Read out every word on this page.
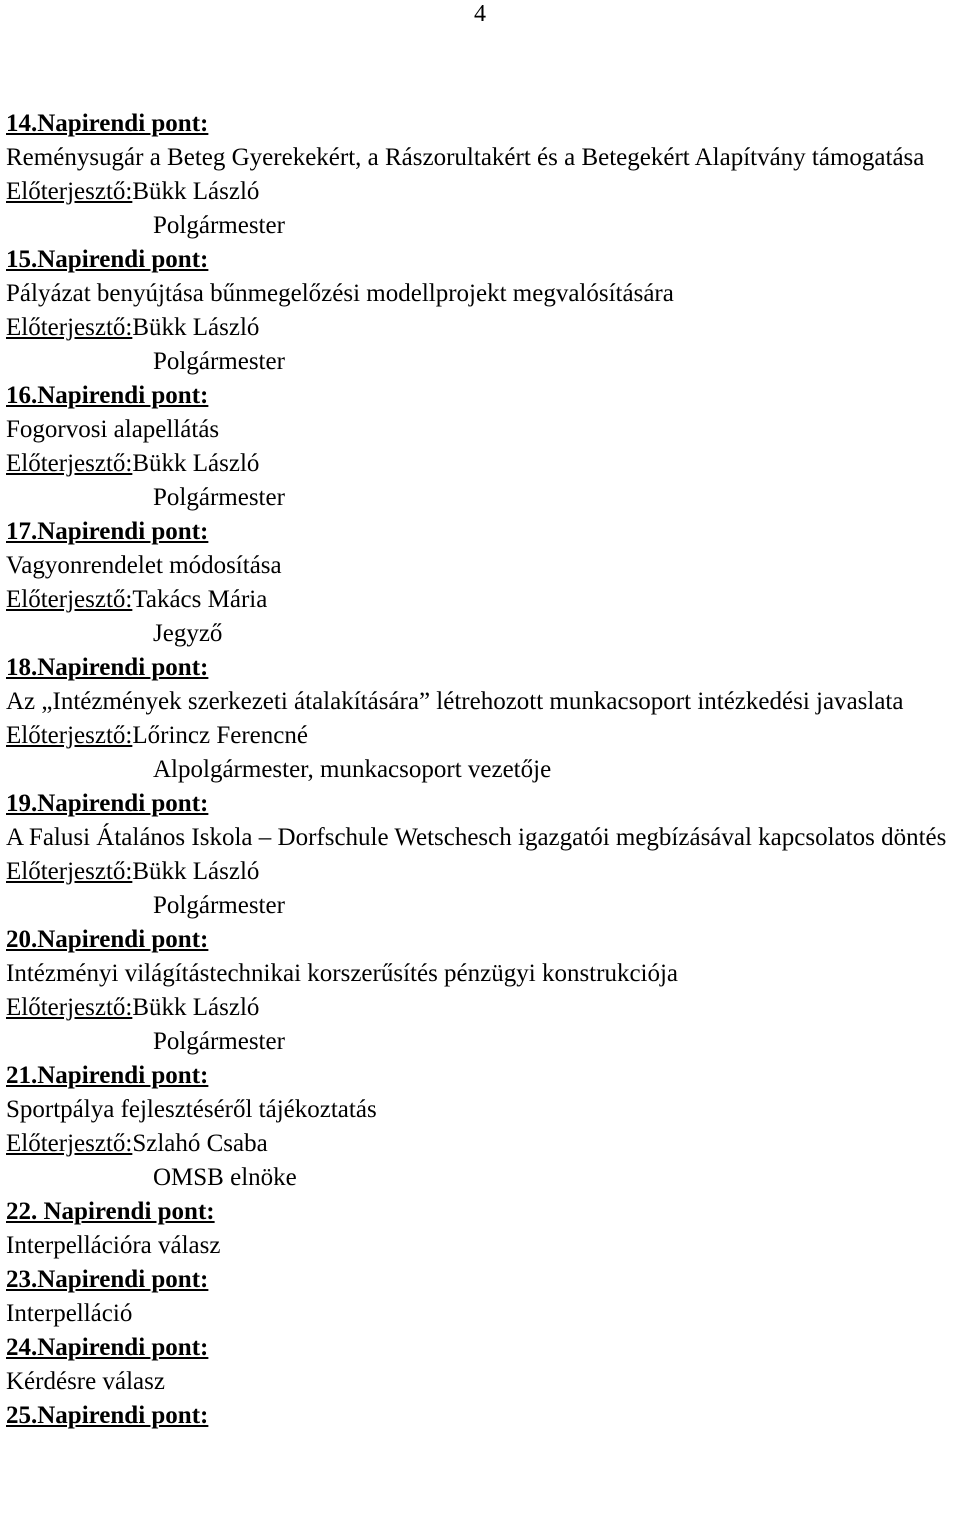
4
14.Napirendi pont:
Reménysugár a Beteg Gyerekekért, a Rászorultakért és a Betegekért Alapítvány támogatása
Előterjesztő:Bükk László
Polgármester
15.Napirendi pont:
Pályázat benyújtása bűnmegelőzési modellprojekt megvalósítására
Előterjesztő:Bükk László
Polgármester
16.Napirendi pont:
Fogorvosi alapellátás
Előterjesztő:Bükk László
Polgármester
17.Napirendi pont:
Vagyonrendelet módosítása
Előterjesztő:Takács Mária
Jegyző
18.Napirendi pont:
Az „Intézmények szerkezeti átalakítására” létrehozott munkacsoport intézkedési javaslata
Előterjesztő:Lőrincz Ferencné
Alpolgármester, munkacsoport vezetője
19.Napirendi pont:
A Falusi Átalános Iskola – Dorfschule Wetschesch igazgatói megbízásával kapcsolatos döntés
Előterjesztő:Bükk László
Polgármester
20.Napirendi pont:
Intézményi világítástechnikai korszerűsítés pénzügyi konstrukciója
Előterjesztő:Bükk László
Polgármester
21.Napirendi pont:
Sportpálya fejlesztéséről tájékoztatás
Előterjesztő:Szlahó Csaba
OMSB elnöke
22. Napirendi pont:
Interpellációra válasz
23.Napirendi pont:
Interpelláció
24.Napirendi pont:
Kérdésre válasz
25.Napirendi pont:
